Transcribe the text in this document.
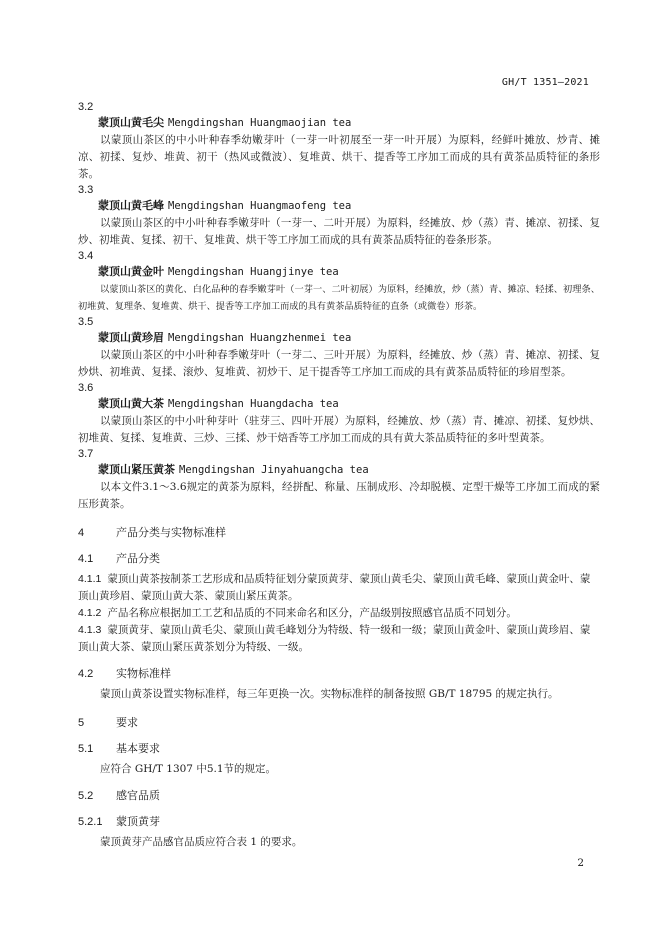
GH/T 1351—2021
3.2
蒙顶山黄毛尖 Mengdingshan Huangmaojian tea

以蒙顶山茶区的中小叶种春季幼嫩芽叶（一芽一叶初展至一芽一叶开展）为原料，经鲜叶摊放、炒青、摊凉、初揉、复炒、堆黄、初干（热风或微波）、复堆黄、烘干、提香等工序加工而成的具有黄茶品质特征的条形茶。

3.3
蒙顶山黄毛峰 Mengdingshan Huangmaofeng tea

以蒙顶山茶区的中小叶种春季嫩芽叶（一芽一、二叶开展）为原料，经摊放、炒（蒸）青、摊凉、初揉、复炒、初堆黄、复揉、初干、复堆黄、烘干等工序加工而成的具有黄茶品质特征的卷条形茶。

3.4
蒙顶山黄金叶 Mengdingshan Huangjinye tea

以蒙顶山茶区的黄化、白化品种的春季嫩芽叶（一芽一、二叶初展）为原料，经摊放，炒（蒸）青、摊凉、轻揉、初理条、初堆黄、复理条、复堆黄、烘干、提香等工序加工而成的具有黄茶品质特征的直条（或微卷）形茶。

3.5
蒙顶山黄珍眉 Mengdingshan Huangzhenmei tea

以蒙顶山茶区的中小叶种春季嫩芽叶（一芽二、三叶开展）为原料，经摊放、炒（蒸）青、摊凉、初揉、复炒烘、初堆黄、复揉、滚炒、复堆黄、初炒干、足干提香等工序加工而成的具有黄茶品质特征的珍眉型茶。

3.6
蒙顶山黄大茶 Mengdingshan Huangdacha tea

以蒙顶山茶区的中小叶种芽叶（驻芽三、四叶开展）为原料，经摊放、炒（蒸）青、摊凉、初揉、复炒烘、初堆黄、复揉、复堆黄、三炒、三揉、炒干焙香等工序加工而成的具有黄大茶品质特征的多叶型黄茶。

3.7
蒙顶山紧压黄茶 Mengdingshan Jinyahuangcha tea

以本文件3.1～3.6规定的黄茶为原料，经拼配、称量、压制成形、冷却脱模、定型干燥等工序加工而成的紧压形黄茶。

4	产品分类与实物标准样
4.1 产品分类

4.1.1 蒙顶山黄茶按制茶工艺形成和品质特征划分蒙顶黄芽、蒙顶山黄毛尖、蒙顶山黄毛峰、蒙顶山黄金叶、蒙顶山黄珍眉、蒙顶山黄大茶、蒙顶山紧压黄茶。

4.1.2 产品名称应根据加工工艺和品质的不同来命名和区分，产品级别按照感官品质不同划分。

4.1.3 蒙顶黄芽、蒙顶山黄毛尖、蒙顶山黄毛峰划分为特级、特一级和一级；蒙顶山黄金叶、蒙顶山黄珍眉、蒙顶山黄大茶、蒙顶山紧压黄茶划分为特级、一级。

4.2 实物标准样

蒙顶山黄茶设置实物标准样，每三年更换一次。实物标准样的制备按照 GB/T 18795 的规定执行。

5	要求
5.1 基本要求

应符合 GH/T 1307 中5.1节的规定。

5.2 感官品质
5.2.1 蒙顶黄芽

蒙顶黄芽产品感官品质应符合表 1 的要求。

2
